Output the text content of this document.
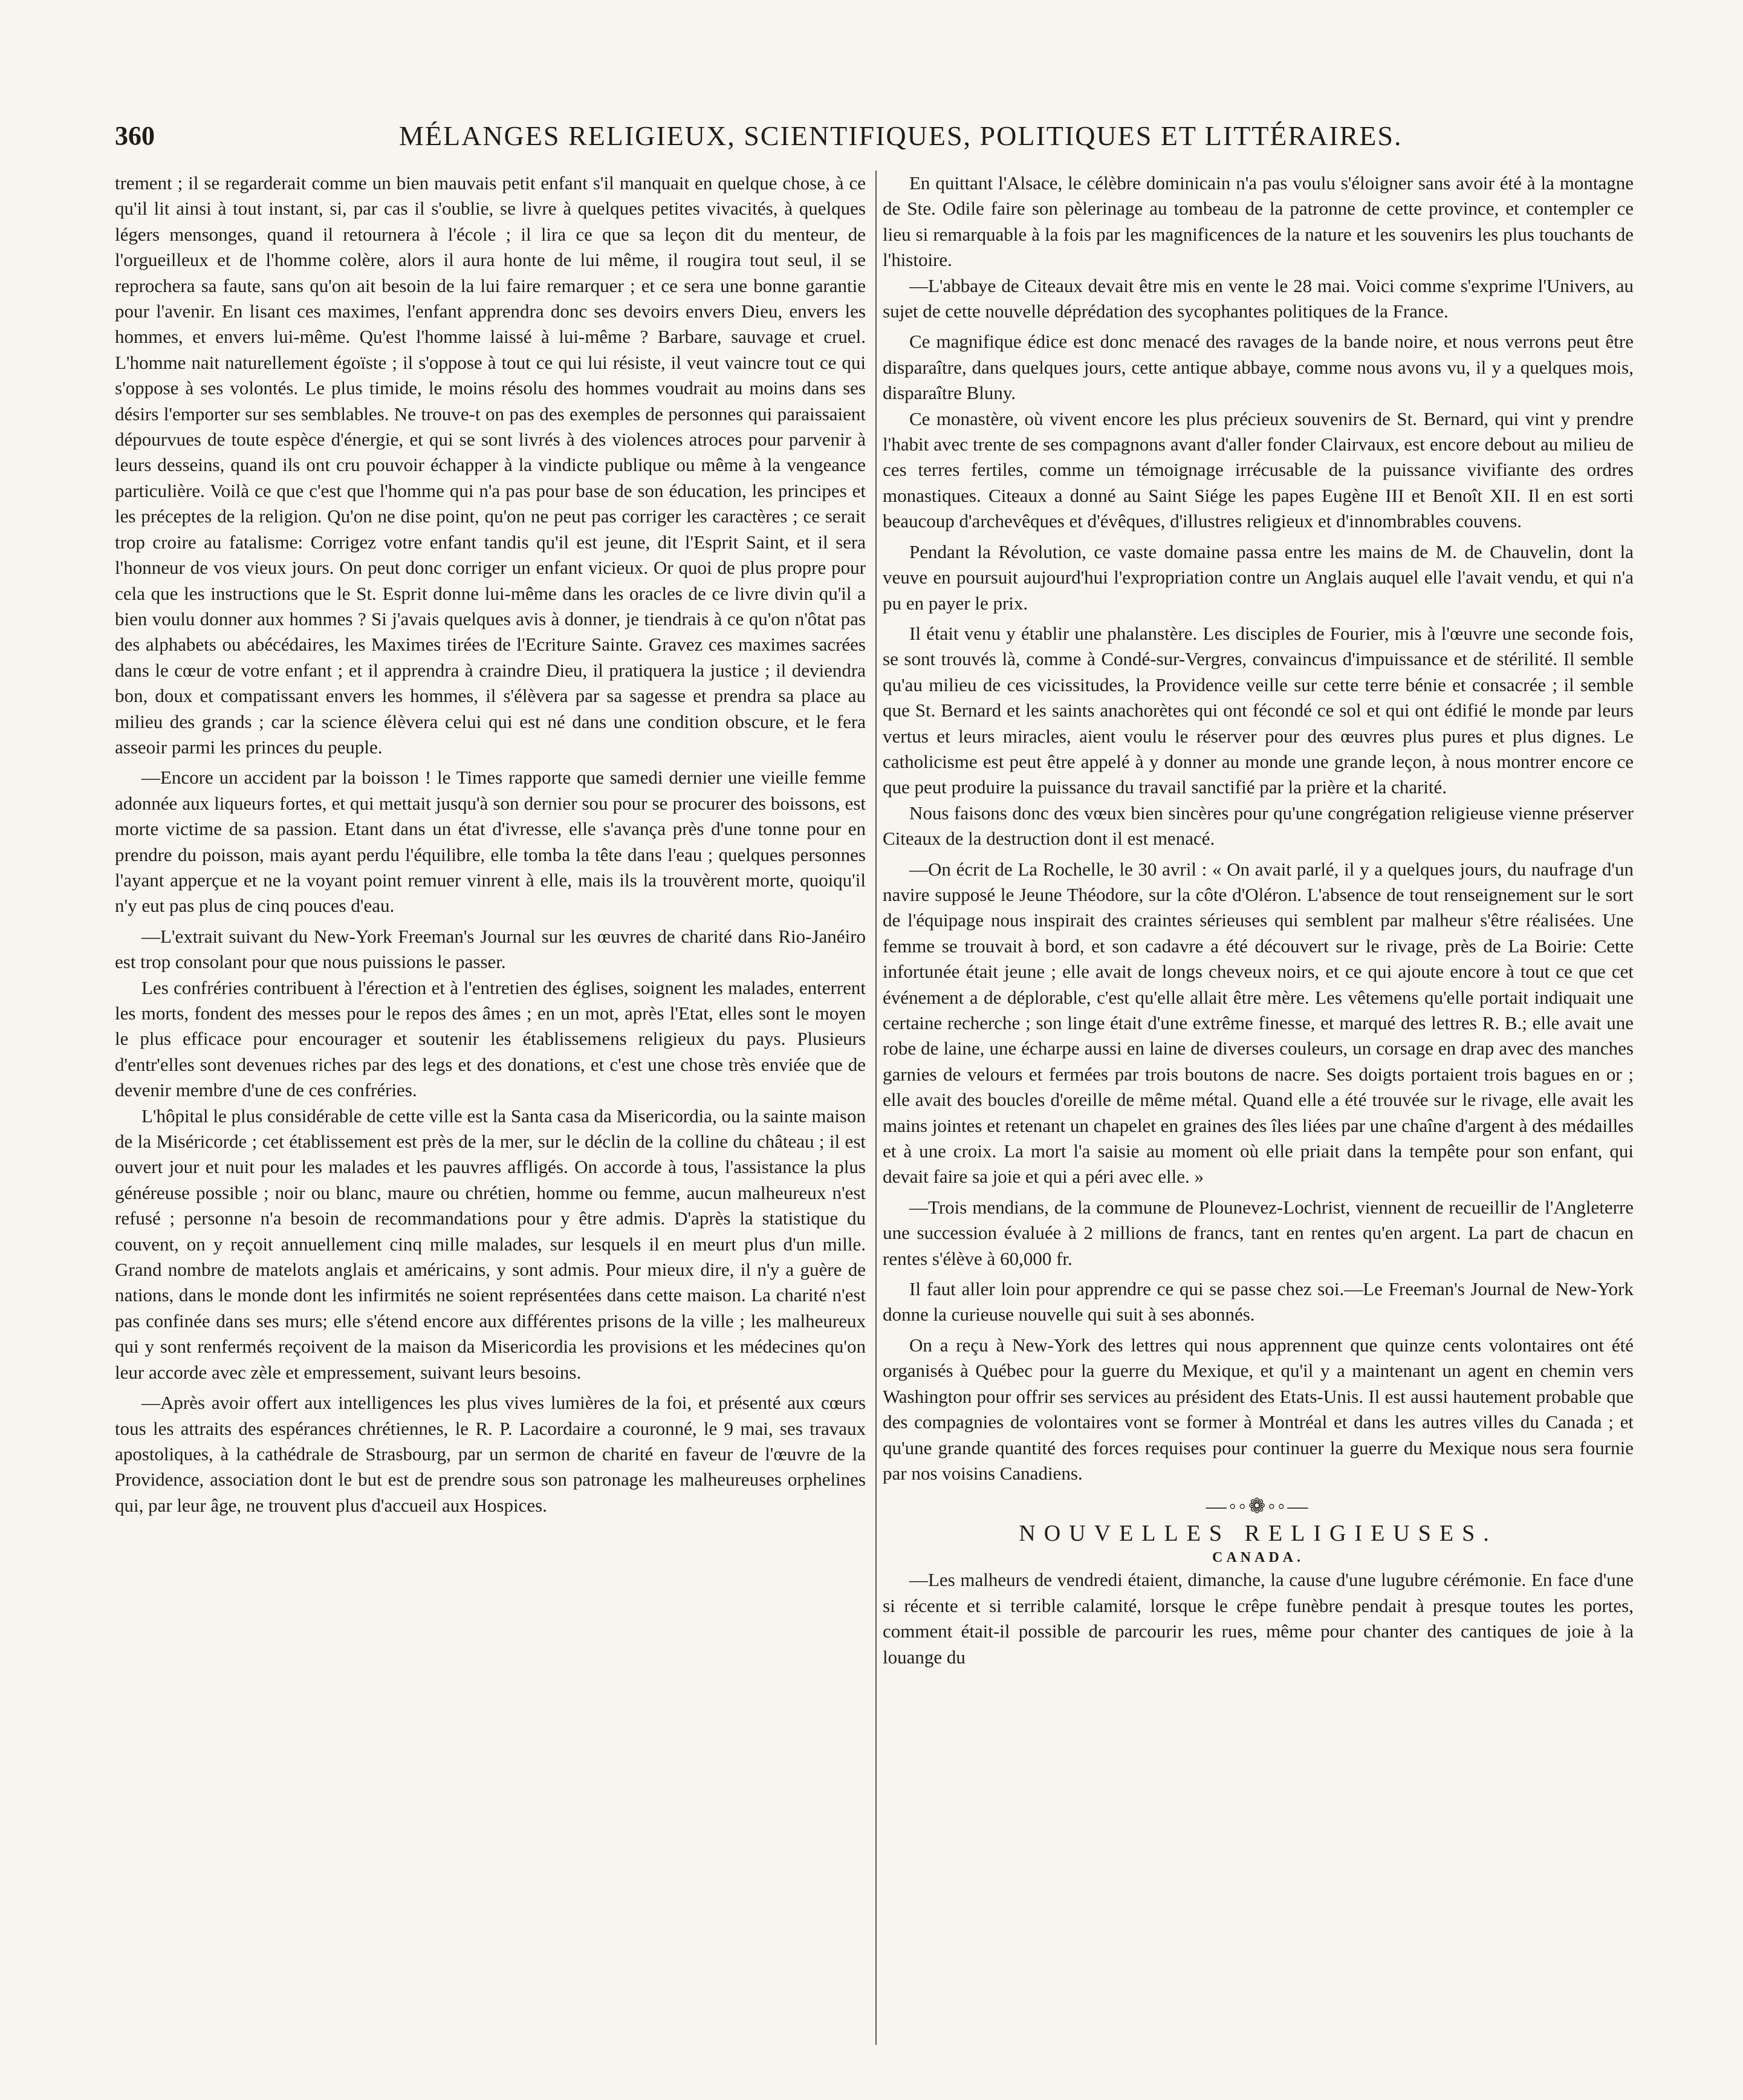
360	MÉLANGES RELIGIEUX, SCIENTIFIQUES, POLITIQUES ET LITTÉRAIRES.

trement ; il se regarderait comme un bien mauvais petit enfant s'il manquait en quelque chose, à ce qu'il lit ainsi à tout instant, si, par cas il s'oublie, se livre à quelques petites vivacités, à quelques légers mensonges, quand il retournera à l'école ; il lira ce que sa leçon dit du menteur, de l'orgueilleux et de l'homme colère, alors il aura honte de lui même, il rougira tout seul, il se reprochera sa faute, sans qu'on ait besoin de la lui faire remarquer ; et ce sera une bonne garantie pour l'avenir. En lisant ces maximes, l'enfant apprendra donc ses devoirs envers Dieu, envers les hommes, et envers lui-même. Qu'est l'homme laissé à lui-même ? Barbare, sauvage et cruel. L'homme nait naturellement égoïste ; il s'oppose à tout ce qui lui résiste, il veut vaincre tout ce qui s'oppose à ses volontés. Le plus timide, le moins résolu des hommes voudrait au moins dans ses désirs l'emporter sur ses semblables. Ne trouve-t on pas des exemples de personnes qui paraissaient dépourvues de toute espèce d'énergie, et qui se sont livrés à des violences atroces pour parvenir à leurs desseins, quand ils ont cru pouvoir échapper à la vindicte publique ou même à la vengeance particulière. Voilà ce que c'est que l'homme qui n'a pas pour base de son éducation, les principes et les préceptes de la religion. Qu'on ne dise point, qu'on ne peut pas corriger les caractères ; ce serait trop croire au fatalisme: Corrigez votre enfant tandis qu'il est jeune, dit l'Esprit Saint, et il sera l'honneur de vos vieux jours. On peut donc corriger un enfant vicieux. Or quoi de plus propre pour cela que les instructions que le St. Esprit donne lui-même dans les oracles de ce livre divin qu'il a bien voulu donner aux hommes ? Si j'avais quelques avis à donner, je tiendrais à ce qu'on n'ôtat pas des alphabets ou abécédaires, les Maximes tirées de l'Ecriture Sainte. Gravez ces maximes sacrées dans le cœur de votre enfant ; et il apprendra à craindre Dieu, il pratiquera la justice ; il deviendra bon, doux et compatissant envers les hommes, il s'élèvera par sa sagesse et prendra sa place au milieu des grands ; car la science élèvera celui qui est né dans une condition obscure, et le fera asseoir parmi les princes du peuple.

—Encore un accident par la boisson ! le Times rapporte que samedi dernier une vieille femme adonnée aux liqueurs fortes, et qui mettait jusqu'à son dernier sou pour se procurer des boissons, est morte victime de sa passion. Etant dans un état d'ivresse, elle s'avança près d'une tonne pour en prendre du poisson, mais ayant perdu l'équilibre, elle tomba la tête dans l'eau ; quelques personnes l'ayant apperçue et ne la voyant point remuer vinrent à elle, mais ils la trouvèrent morte, quoiqu'il n'y eut pas plus de cinq pouces d'eau.

—L'extrait suivant du New-York Freeman's Journal sur les œuvres de charité dans Rio-Janéiro est trop consolant pour que nous puissions le passer.

Les confréries contribuent à l'érection et à l'entretien des églises, soignent les malades, enterrent les morts, fondent des messes pour le repos des âmes ; en un mot, après l'Etat, elles sont le moyen le plus efficace pour encourager et soutenir les établissemens religieux du pays. Plusieurs d'entr'elles sont devenues riches par des legs et des donations, et c'est une chose très enviée que de devenir membre d'une de ces confréries.

L'hôpital le plus considérable de cette ville est la Santa casa da Misericordia, ou la sainte maison de la Miséricorde ; cet établissement est près de la mer, sur le déclin de la colline du château ; il est ouvert jour et nuit pour les malades et les pauvres affligés. On accorde à tous, l'assistance la plus généreuse possible ; noir ou blanc, maure ou chrétien, homme ou femme, aucun malheureux n'est refusé ; personne n'a besoin de recommandations pour y être admis. D'après la statistique du couvent, on y reçoit annuellement cinq mille malades, sur lesquels il en meurt plus d'un mille. Grand nombre de matelots anglais et américains, y sont admis. Pour mieux dire, il n'y a guère de nations, dans le monde dont les infirmités ne soient représentées dans cette maison. La charité n'est pas confinée dans ses murs; elle s'étend encore aux différentes prisons de la ville ; les malheureux qui y sont renfermés reçoivent de la maison da Misericordia les provisions et les médecines qu'on leur accorde avec zèle et empressement, suivant leurs besoins.

—Après avoir offert aux intelligences les plus vives lumières de la foi, et présenté aux cœurs tous les attraits des espérances chrétiennes, le R. P. Lacordaire a couronné, le 9 mai, ses travaux apostoliques, à la cathédrale de Strasbourg, par un sermon de charité en faveur de l'œuvre de la Providence, association dont le but est de prendre sous son patronage les malheureuses orphelines qui, par leur âge, ne trouvent plus d'accueil aux Hospices.

En quittant l'Alsace, le célèbre dominicain n'a pas voulu s'éloigner sans avoir été à la montagne de Ste. Odile faire son pèlerinage au tombeau de la patronne de cette province, et contempler ce lieu si remarquable à la fois par les magnificences de la nature et les souvenirs les plus touchants de l'histoire.

—L'abbaye de Citeaux devait être mis en vente le 28 mai. Voici comme s'exprime l'Univers, au sujet de cette nouvelle déprédation des sycophantes politiques de la France.

Ce magnifique édice est donc menacé des ravages de la bande noire, et nous verrons peut être disparaître, dans quelques jours, cette antique abbaye, comme nous avons vu, il y a quelques mois, disparaître Bluny.

Ce monastère, où vivent encore les plus précieux souvenirs de St. Bernard, qui vint y prendre l'habit avec trente de ses compagnons avant d'aller fonder Clairvaux, est encore debout au milieu de ces terres fertiles, comme un témoignage irrécusable de la puissance vivifiante des ordres monastiques. Citeaux a donné au Saint Siége les papes Eugène III et Benoît XII. Il en est sorti beaucoup d'archevêques et d'évêques, d'illustres religieux et d'innombrables couvens.

Pendant la Révolution, ce vaste domaine passa entre les mains de M. de Chauvelin, dont la veuve en poursuit aujourd'hui l'expropriation contre un Anglais auquel elle l'avait vendu, et qui n'a pu en payer le prix.

Il était venu y établir une phalanstère. Les disciples de Fourier, mis à l'œuvre une seconde fois, se sont trouvés là, comme à Condé-sur-Vergres, convaincus d'impuissance et de stérilité. Il semble qu'au milieu de ces vicissitudes, la Providence veille sur cette terre bénie et consacrée ; il semble que St. Bernard et les saints anachorètes qui ont fécondé ce sol et qui ont édifié le monde par leurs vertus et leurs miracles, aient voulu le réserver pour des œuvres plus pures et plus dignes. Le catholicisme est peut être appelé à y donner au monde une grande leçon, à nous montrer encore ce que peut produire la puissance du travail sanctifié par la prière et la charité.

Nous faisons donc des vœux bien sincères pour qu'une congrégation religieuse vienne préserver Citeaux de la destruction dont il est menacé.

—On écrit de La Rochelle, le 30 avril : « On avait parlé, il y a quelques jours, du naufrage d'un navire supposé le Jeune Théodore, sur la côte d'Oléron. L'absence de tout renseignement sur le sort de l'équipage nous inspirait des craintes sérieuses qui semblent par malheur s'être réalisées. Une femme se trouvait à bord, et son cadavre a été découvert sur le rivage, près de La Boirie: Cette infortunée était jeune ; elle avait de longs cheveux noirs, et ce qui ajoute encore à tout ce que cet événement a de déplorable, c'est qu'elle allait être mère. Les vêtemens qu'elle portait indiquait une certaine recherche ; son linge était d'une extrême finesse, et marqué des lettres R. B.; elle avait une robe de laine, une écharpe aussi en laine de diverses couleurs, un corsage en drap avec des manches garnies de velours et fermées par trois boutons de nacre. Ses doigts portaient trois bagues en or ; elle avait des boucles d'oreille de même métal. Quand elle a été trouvée sur le rivage, elle avait les mains jointes et retenant un chapelet en graines des îles liées par une chaîne d'argent à des médailles et à une croix. La mort l'a saisie au moment où elle priait dans la tempête pour son enfant, qui devait faire sa joie et qui a péri avec elle. »

—Trois mendians, de la commune de Plounevez-Lochrist, viennent de recueillir de l'Angleterre une succession évaluée à 2 millions de francs, tant en rentes qu'en argent. La part de chacun en rentes s'élève à 60,000 fr.

Il faut aller loin pour apprendre ce qui se passe chez soi.—Le Freeman's Journal de New-York donne la curieuse nouvelle qui suit à ses abonnés.

On a reçu à New-York des lettres qui nous apprennent que quinze cents volontaires ont été organisés à Québec pour la guerre du Mexique, et qu'il y a maintenant un agent en chemin vers Washington pour offrir ses services au président des Etats-Unis. Il est aussi hautement probable que des compagnies de volontaires vont se former à Montréal et dans les autres villes du Canada ; et qu'une grande quantité des forces requises pour continuer la guerre du Mexique nous sera fournie par nos voisins Canadiens.

—◦◦❁◦◦—
NOUVELLES RELIGIEUSES.
CANADA.

—Les malheurs de vendredi étaient, dimanche, la cause d'une lugubre cérémonie. En face d'une si récente et si terrible calamité, lorsque le crêpe funèbre pendait à presque toutes les portes, comment était-il possible de parcourir les rues, même pour chanter des cantiques de joie à la louange du
